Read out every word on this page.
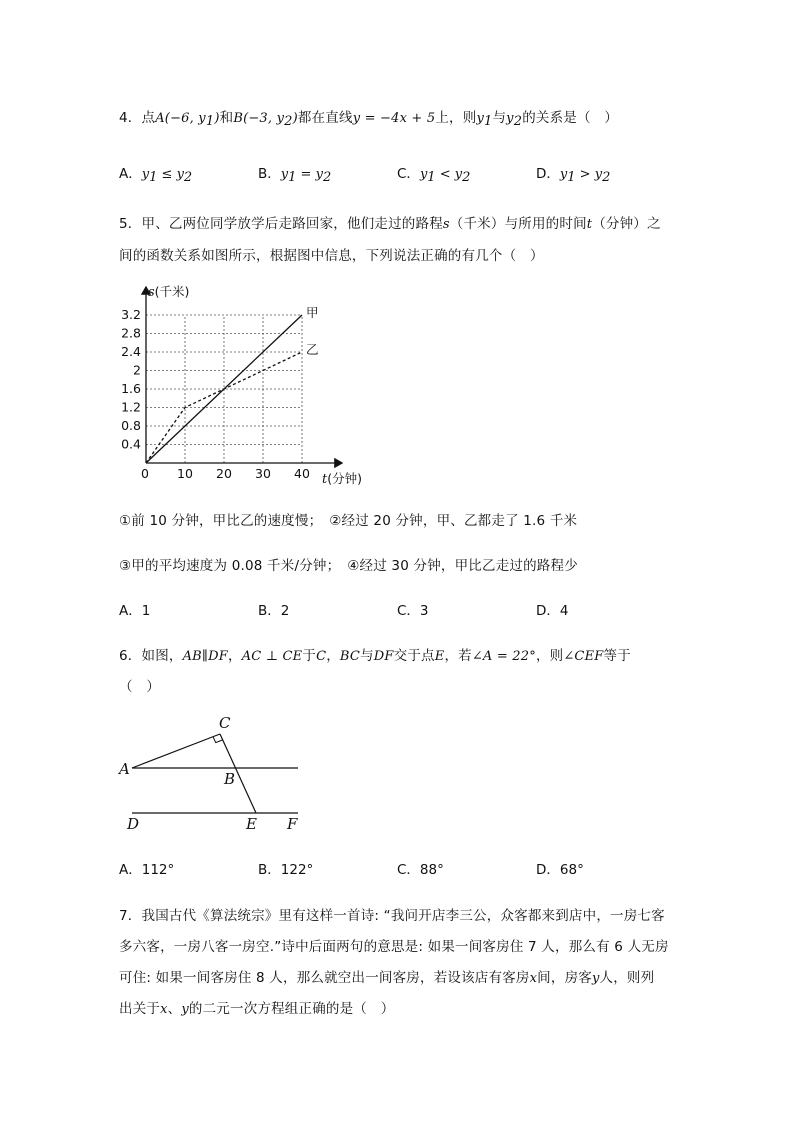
4．点A(−6, $y_1$)和B(−3, $y_2$)都在直线y = −4x + 5上，则$y_1$与$y_2$的关系是（　）
A．$y_1 \le y_2$	B．$y_1 = y_2$	C．$y_1 < y_2$	D．$y_1 > y_2$
5．甲、乙两位同学放学后走路回家，他们走过的路程s（千米）与所用的时间t（分钟）之
间的函数关系如图所示，根据图中信息，下列说法正确的有几个（　）
0.4
0.8
1.2
1.6
2
2.4
2.8
3.2
0 10 20 30 40
甲
乙
s(千米)
t(分钟)
①前 10 分钟，甲比乙的速度慢；　②经过 20 分钟，甲、乙都走了 1.6 千米
③甲的平均速度为 0.08 千米/分钟；　④经过 30 分钟，甲比乙走过的路程少
A．1	B．2	C．3	D．4
6．如图，AB∥DF，AC ⊥ CE于C，BC与DF交于点E，若∠A = 22°，则∠CEF等于
（　）
C
A
B
D	E F
A．112°	B．122°	C．88°	D．68°
7．我国古代《算法统宗》里有这样一首诗: “我问开店李三公，众客都来到店中，一房七客
多六客，一房八客一房空.”诗中后面两句的意思是: 如果一间客房住 7 人，那么有 6 人无房
可住: 如果一间客房住 8 人，那么就空出一间客房，若设该店有客房x间，房客y人，则列
出关于x、y的二元一次方程组正确的是（　）
